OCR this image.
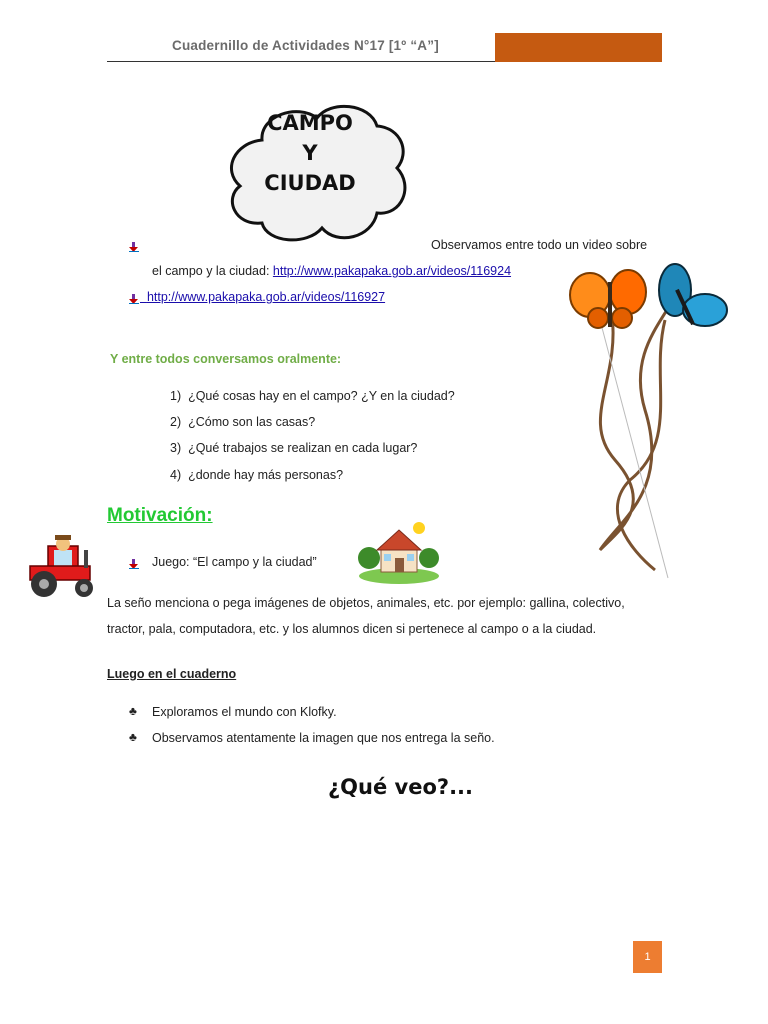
Cuadernillo de Actividades N°17 [1º “A”]
CAMPO
Y
CIUDAD
Observamos entre todo un video sobre
el campo y la ciudad: http://www.pakapaka.gob.ar/videos/116924
http://www.pakapaka.gob.ar/videos/116927
Y entre todos conversamos oralmente:
1) ¿Qué cosas hay en el campo? ¿Y en la ciudad?
2) ¿Cómo son las casas?
3) ¿Qué trabajos se realizan en cada lugar?
4) ¿donde hay más personas?
Motivación:
Juego: “El campo y la ciudad”
La seño menciona o pega imágenes de objetos, animales, etc. por ejemplo: gallina, colectivo,
tractor, pala, computadora, etc. y los alumnos dicen si pertenece al campo o a la ciudad.
Luego en el cuaderno
♣ Exploramos el mundo con Klofky.
♣ Observamos atentamente la imagen que nos entrega la seño.
¿Qué veo?...
1
